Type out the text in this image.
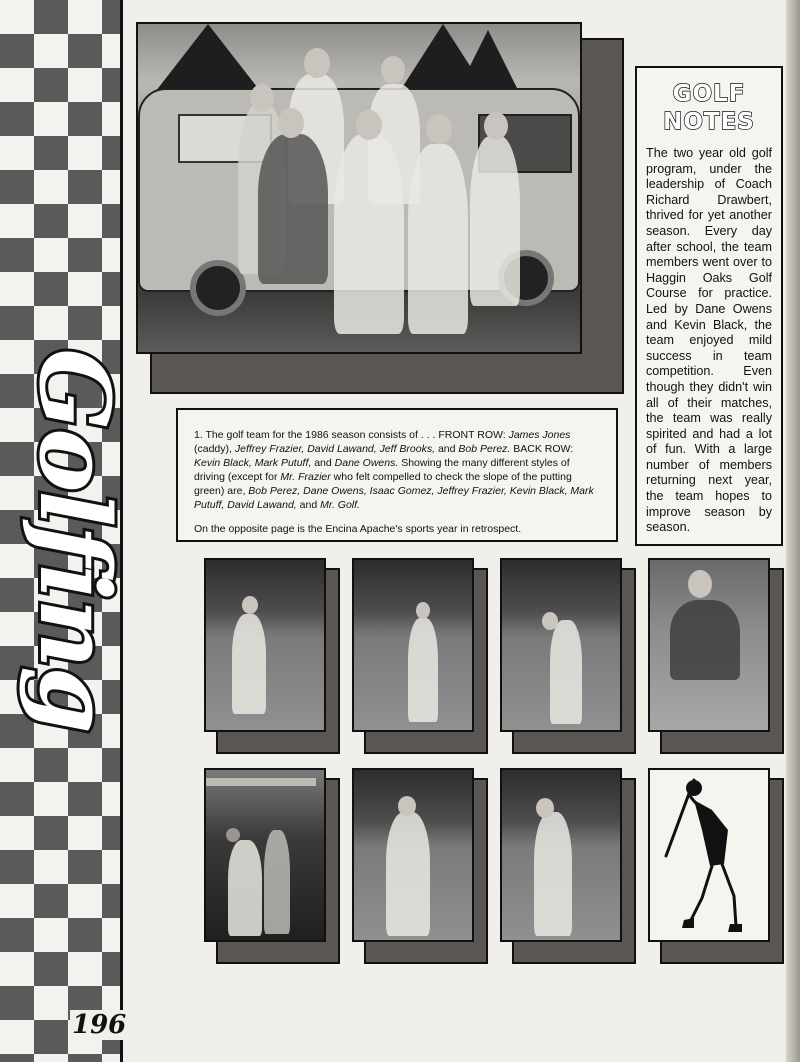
Golfing
196

1. The golf team for the 1986 season consists of . . . FRONT ROW: James Jones (caddy), Jeffrey Frazier, David Lawand, Jeff Brooks, and Bob Perez. BACK ROW: Kevin Black, Mark Putuff, and Dane Owens. Showing the many different styles of driving (except for Mr. Frazier who felt compelled to check the slope of the putting green) are, Bob Perez, Dane Owens, Isaac Gomez, Jeffrey Frazier, Kevin Black, Mark Putuff, David Lawand, and Mr. Golf.

On the opposite page is the Encina Apache's sports year in retrospect.

GOLF
NOTES
The two year old golf program, under the leadership of Coach Richard Drawbert, thrived for yet another season. Every day after school, the team members went over to Haggin Oaks Golf Course for practice. Led by Dane Owens and Kevin Black, the team enjoyed mild success in team competition. Even though they didn't win all of their matches, the team was really spirited and had a lot of fun. With a large number of members returning next year, the team hopes to improve season by season.
